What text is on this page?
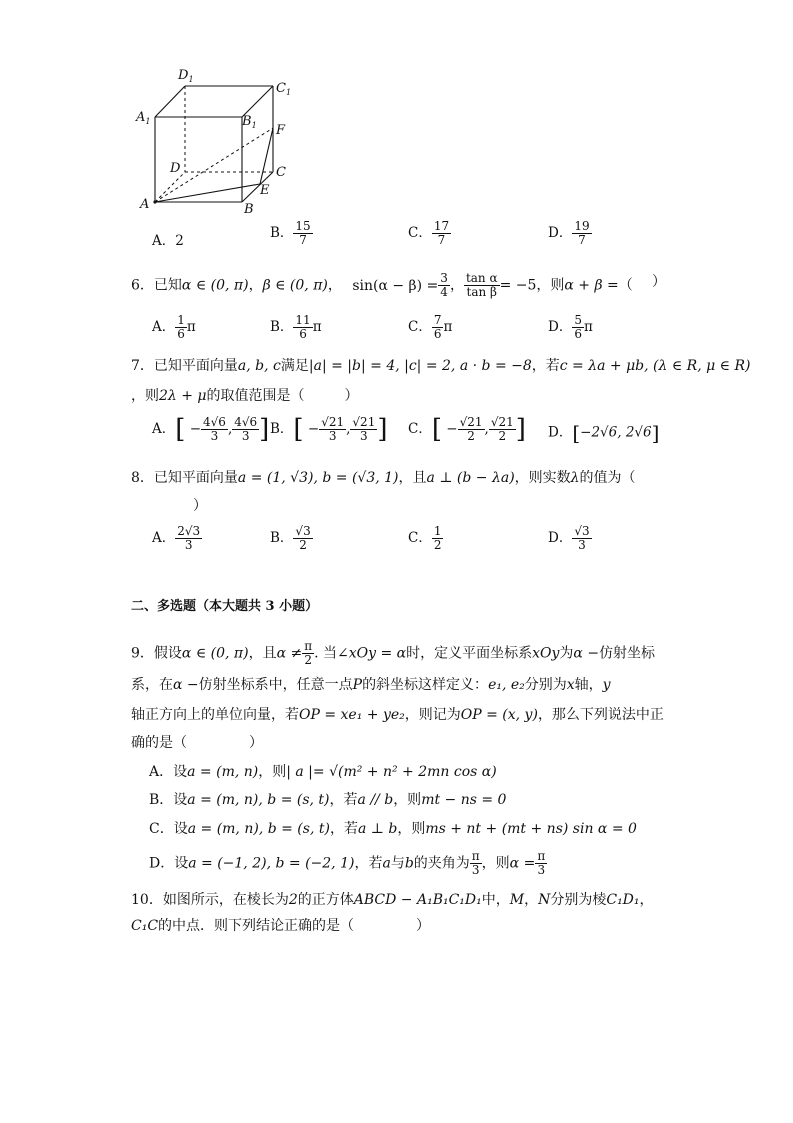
$D_1$
$C_1$
$A_1$	$B_1$ F
D	C
E
A	B
A．2	B． $\frac{15}{7}$	C． $\frac{17}{7}$	D． $\frac{19}{7}$
6．已知α ∈ (0, π)，β ∈ (0, π)， $\sin(\alpha - \beta) = \frac{3}{4}$ ， $\frac{\text{tan α}}{\text{tan β}} = -5$，则α + β =（ ）
A． $\frac{1}{6}$ π	B． $\frac{11}{6}$ π	C． $\frac{7}{6}$ π	D． $\frac{5}{6}$ π
7．已知平面向量a, b, c满足|a| = |b| = 4, |c| = 2, a · b = −8，若c = λa + μb, (λ ∈ R, μ ∈ R)
，则2λ + μ的取值范围是（	）
A．[ − $\frac{4√6}{3}$ , $\frac{4√6}{3}$ ] B．[ − $\frac{√21}{3}$ , $\frac{√21}{3}$ ] C．[ − $\frac{√21}{2}$ , $\frac{√21}{2}$ ] D．[−2√6, 2√6]
8．已知平面向量a = (1, √3), b = (√3, 1)，且a ⊥ (b − λa)，则实数λ的值为（
）
A． $\frac{2√3}{3}$	B． $\frac{√3}{2}$	C． $\frac{1}{2}$	D． $\frac{√3}{3}$
二、多选题（本大题共 3 小题）
9．假设α ∈ (0, π)，且$\alpha \ne \frac{\pi}{2}$ . 当∠xOy = α时，定义平面坐标系xOy为α −仿射坐标
系，在α −仿射坐标系中，任意一点P的斜坐标这样定义：e₁, e₂分别为x轴，y
轴正方向上的单位向量，若OP = xe₁ + ye₂，则记为OP = (x, y)，那么下列说法中正
确的是（	）
A．设a = (m, n)，则| a |= √(m² + n² + 2mn cos α)
B．设a = (m, n), b = (s, t)，若a // b，则mt − ns = 0
C．设a = (m, n), b = (s, t)，若a ⊥ b，则ms + nt + (mt + ns) sin α = 0
D．设a = (−1, 2), b = (−2, 1)，若a与b的夹角为 $\frac{\pi}{3}$ ，则$\alpha = \frac{\pi}{3}$
10．如图所示，在棱长为2的正方体ABCD − A₁B₁C₁D₁中，M，N分别为棱C₁D₁，
C₁C的中点．则下列结论正确的是（	）
